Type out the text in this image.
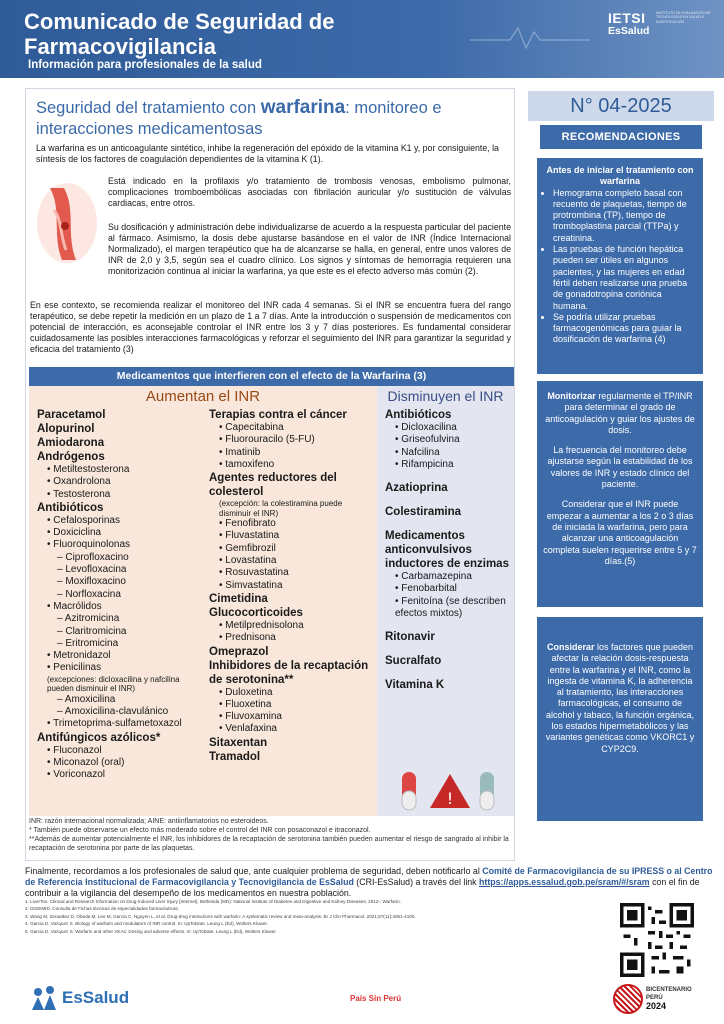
Comunicado de Seguridad de
Farmacovigilancia
Información para profesionales de la salud
IETSI
EsSalud
INSTITUTO DE EVALUACIÓN DE TECNOLOGÍAS EN SALUD E INVESTIGACIÓN
Seguridad del tratamiento con warfarina: monitoreo e interacciones medicamentosas
La warfarina es un anticoagulante sintético, inhibe la regeneración del epóxido de la vitamina K1 y, por consiguiente, la síntesis de los factores de coagulación dependientes de la vitamina K (1).
Está indicado en la profilaxis y/o tratamiento de trombosis venosas, embolismo pulmonar, complicaciones tromboembólicas asociadas con fibrilación auricular y/o sustitución de válvulas cardiacas, entre otros.
Su dosificación y administración debe individualizarse de acuerdo a la respuesta particular del paciente al fármaco. Asimismo, la dosis debe ajustarse basándose en el valor de INR (Índice Internacional Normalizado), el margen terapéutico que ha de alcanzarse se halla, en general, entre unos valores de INR de 2,0 y 3,5, según sea el cuadro clínico. Los signos y síntomas de hemorragia requieren una monitorización continua al iniciar la warfarina, ya que este es el efecto adverso más común (2).
En ese contexto, se recomienda realizar el monitoreo del INR cada 4 semanas. Si el INR se encuentra fuera del rango terapéutico, se debe repetir la medición en un plazo de 1 a 7 días. Ante la introducción o suspensión de medicamentos con potencial de interacción, es aconsejable controlar el INR entre los 3 y 7 días posteriores. Es fundamental considerar cuidadosamente las posibles interacciones farmacológicas y reforzar el seguimiento del INR para garantizar la seguridad y eficacia del tratamiento (3)
Medicamentos que interfieren con el efecto de la Warfarina (3)
Aumentan el INR	Disminuyen el INR
Paracetamol
Alopurinol
Amiodarona
Andrógenos
• Metiltestosterona
• Oxandrolona
• Testosterona
Antibióticos
• Cefalosporinas
• Doxiciclina
• Fluoroquinolonas
– Ciprofloxacino
– Levofloxacina
– Moxifloxacino
– Norfloxacina
• Macrólidos
– Azitromicina
– Claritromicina
– Eritromicina
• Metronidazol
• Penicilinas
(excepciones: dicloxacilina y nafcilina pueden disminuir el INR)
– Amoxicilina
– Amoxicilina-clavulánico
• Trimetoprima-sulfametoxazol
Antifúngicos azólicos*
• Fluconazol
• Miconazol (oral)
• Voriconazol
Terapias contra el cáncer
• Capecitabina
• Fluorouracilo (5-FU)
• Imatinib
• tamoxifeno
Agentes reductores del colesterol
(excepción: la colestiramina puede disminuir el INR)
• Fenofibrato
• Fluvastatina
• Gemfibrozil
• Lovastatina
• Rosuvastatina
• Simvastatina
Cimetidina
Glucocorticoides
• Metilprednisolona
• Prednisona
Omeprazol
Inhibidores de la recaptación de serotonina**
• Duloxetina
• Fluoxetina
• Fluvoxamina
• Venlafaxina
Sitaxentan
Tramadol
Antibióticos
• Dicloxacilina
• Griseofulvina
• Nafcilina
• Rifampicina
Azatioprina
Colestiramina
Medicamentos anticonvulsivos inductores de enzimas
• Carbamazepina
• Fenobarbital
• Fenitoína (se describen efectos mixtos)
Ritonavir
Sucralfato
Vitamina K
!
INR: razón internacional normalizada; AINE: antiinflamatorios no esteroideos.
* También puede observarse un efecto más moderado sobre el control del INR con posaconazol e itraconazol.
**Además de aumentar potencialmente el INR, los inhibidores de la recaptación de serotonina también pueden aumentar el riesgo de sangrado al inhibir la recaptación de serotonina por parte de las plaquetas.
N° 04-2025
RECOMENDACIONES
Antes de iniciar el tratamiento con warfarina
• Hemograma completo basal con recuento de plaquetas, tiempo de protrombina (TP), tiempo de tromboplastina parcial (TTPa) y creatinina.
• Las pruebas de función hepática pueden ser útiles en algunos pacientes, y las mujeres en edad fértil deben realizarse una prueba de gonadotropina coriónica humana.
• Se podría utilizar pruebas farmacogenómicas para guiar la dosificación de warfarina (4)

Monitorizar regularmente el TP/INR para determinar el grado de anticoagulación y guiar los ajustes de dosis.

La frecuencia del monitoreo debe ajustarse según la estabilidad de los valores de INR y estado clínico del paciente.

Considerar que el INR puede empezar a aumentar a los 2 o 3 días de iniciada la warfarina, pero para alcanzar una anticoagulación completa suelen requerirse entre 5 y 7 días.(5)

Considerar los factores que pueden afectar la relación dosis-respuesta entre la warfarina y el INR, como la ingesta de vitamina K, la adherencia al tratamiento, las interacciones farmacológicas, el consumo de alcohol y tabaco, la función orgánica, los estados hipermetabólicos y las variantes genéticas como VKORC1 y CYP2C9.

Finalmente, recordamos a los profesionales de salud que, ante cualquier problema de seguridad, deben notificarlo al Comité de Farmacovigilancia de su IPRESS o al Centro de Referencia Institucional de Farmacovigilancia y Tecnovigilancia de EsSalud (CRI-EsSalud) a través del link https://apps.essalud.gob.pe/sram/#/sram con el fin de contribuir a la vigilancia del desempeño de los medicamentos en nuestra población.
1. LiverTox: Clinical and Research Information on Drug-Induced Liver Injury [Internet]. Bethesda (MD): National Institute of Diabetes and Digestive and Kidney Diseases; 2012-. Warfarin.
2. DIGEMID. Consulta de Fichas técnicas de especialidades farmacéuticas.
3. Wang M, Zeraatkar D, Obeda M, Lee M, Garcia C, Nguyen L, et al. Drug-drug interactions with warfarin: A systematic review and meta-analysis. Br J Clin Pharmacol. 2021;87(11):4051-4100.
4. Garcia D, Vazquez S. Biology of warfarin and modulators of INR control. In: UpToDate, Leung L (Ed), Wolters Kluwer.
5. Garcia D, Vazquez S. Warfarin and other VKAs: Dosing and adverse effects. In: UpToDate, Leung L (Ed), Wolters Kluwer.
EsSalud	País Sin Perú
BICENTENARIO
PERÚ
2024
